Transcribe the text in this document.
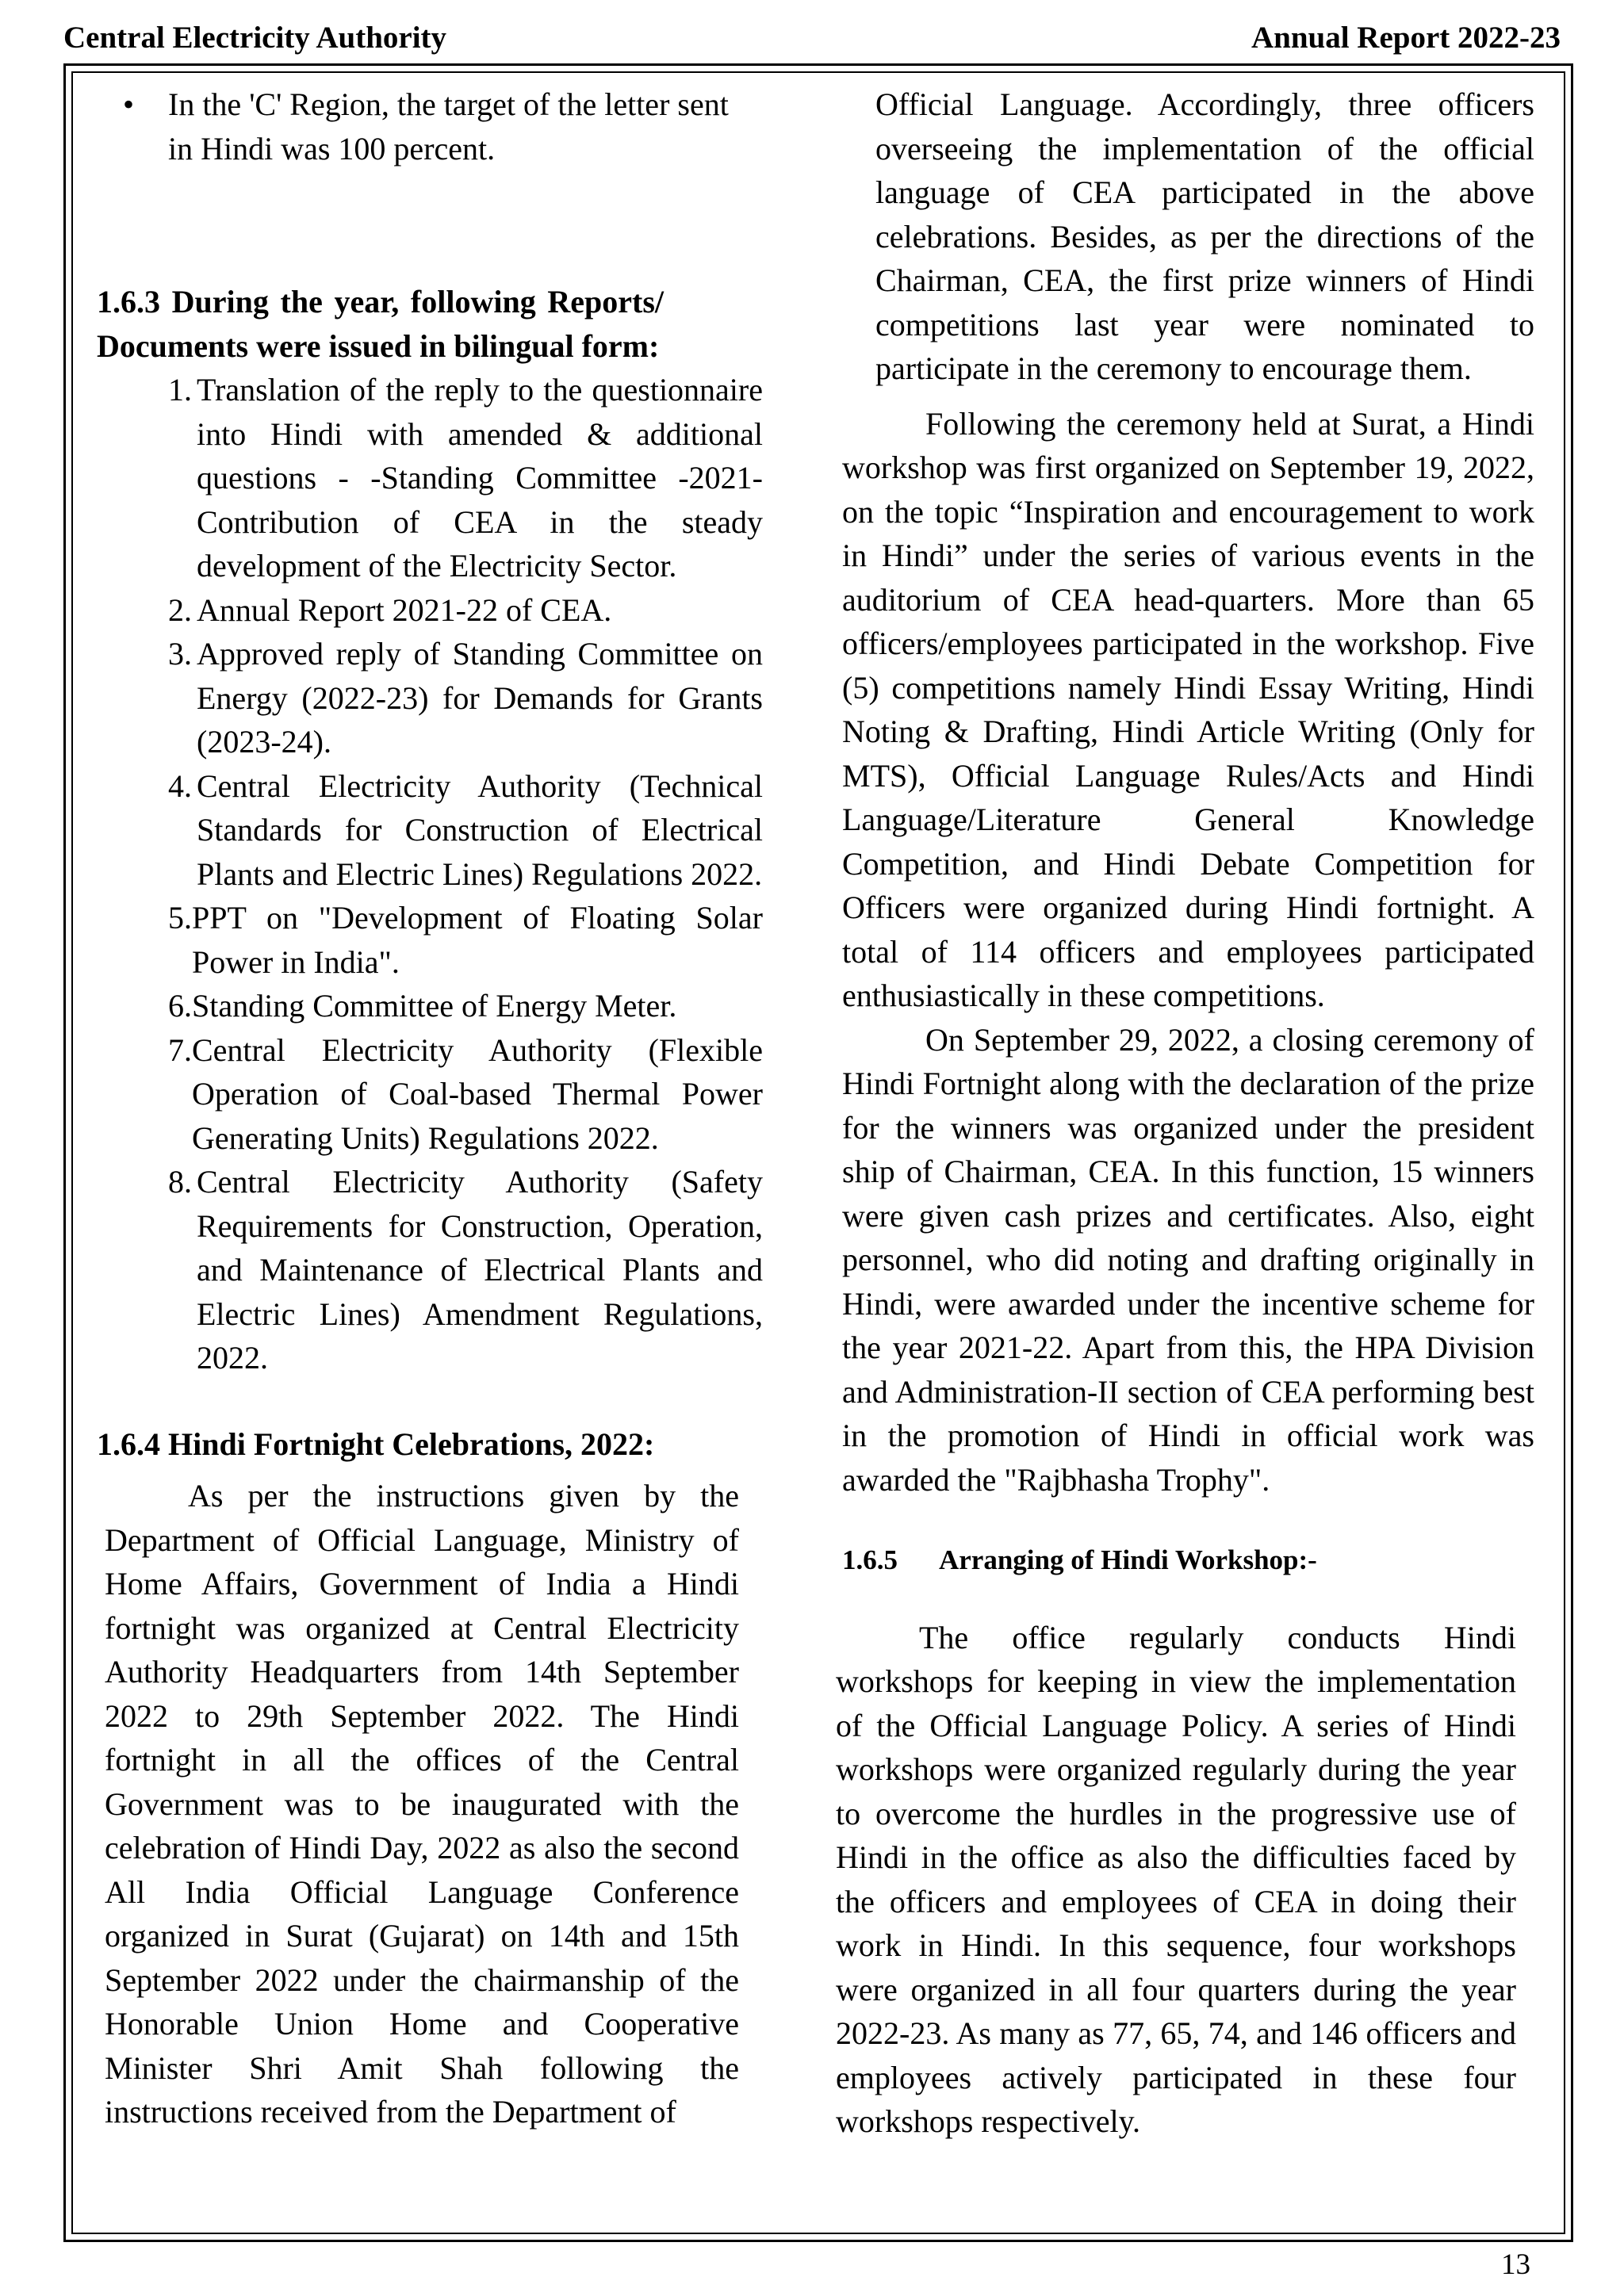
Central Electricity Authority	Annual Report 2022-23
• In the 'C' Region, the target of the letter sent in Hindi was 100 percent.

1.6.3 During the year, following Reports/ Documents were issued in bilingual form:
1. Translation of the reply to the questionnaire into Hindi with amended & additional questions - -Standing Committee -2021- Contribution of CEA in the steady development of the Electricity Sector.
2. Annual Report 2021-22 of CEA.
3. Approved reply of Standing Committee on Energy (2022-23) for Demands for Grants (2023-24).
4. Central Electricity Authority (Technical Standards for Construction of Electrical Plants and Electric Lines) Regulations 2022.
5. PPT on "Development of Floating Solar Power in India".
6. Standing Committee of Energy Meter.
7. Central Electricity Authority (Flexible Operation of Coal-based Thermal Power Generating Units) Regulations 2022.
8. Central Electricity Authority (Safety Requirements for Construction, Operation, and Maintenance of Electrical Plants and Electric Lines) Amendment Regulations, 2022.
1.6.4 Hindi Fortnight Celebrations, 2022:

As per the instructions given by the Department of Official Language, Ministry of Home Affairs, Government of India a Hindi fortnight was organized at Central Electricity Authority Headquarters from 14th September 2022 to 29th September 2022. The Hindi fortnight in all the offices of the Central Government was to be inaugurated with the celebration of Hindi Day, 2022 as also the second All India Official Language Conference organized in Surat (Gujarat) on 14th and 15th September 2022 under the chairmanship of the Honorable Union Home and Cooperative Minister Shri Amit Shah following the instructions received from the Department of

Official Language. Accordingly, three officers overseeing the implementation of the official language of CEA participated in the above celebrations. Besides, as per the directions of the Chairman, CEA, the first prize winners of Hindi competitions last year were nominated to participate in the ceremony to encourage them.

Following the ceremony held at Surat, a Hindi workshop was first organized on September 19, 2022, on the topic “Inspiration and encouragement to work in Hindi” under the series of various events in the auditorium of CEA head-quarters. More than 65 officers/employees participated in the workshop. Five (5) competitions namely Hindi Essay Writing, Hindi Noting & Drafting, Hindi Article Writing (Only for MTS), Official Language Rules/Acts and Hindi Language/Literature General Knowledge Competition, and Hindi Debate Competition for Officers were organized during Hindi fortnight. A total of 114 officers and employees participated enthusiastically in these competitions.

On September 29, 2022, a closing ceremony of Hindi Fortnight along with the declaration of the prize for the winners was organized under the president ship of Chairman, CEA. In this function, 15 winners were given cash prizes and certificates. Also, eight personnel, who did noting and drafting originally in Hindi, were awarded under the incentive scheme for the year 2021-22. Apart from this, the HPA Division and Administration-II section of CEA performing best in the promotion of Hindi in official work was awarded the "Rajbhasha Trophy".

1.6.5 Arranging of Hindi Workshop:-

The office regularly conducts Hindi workshops for keeping in view the implementation of the Official Language Policy. A series of Hindi workshops were organized regularly during the year to overcome the hurdles in the progressive use of Hindi in the office as also the difficulties faced by the officers and employees of CEA in doing their work in Hindi. In this sequence, four workshops were organized in all four quarters during the year 2022-23. As many as 77, 65, 74, and 146 officers and employees actively participated in these four workshops respectively.

13
